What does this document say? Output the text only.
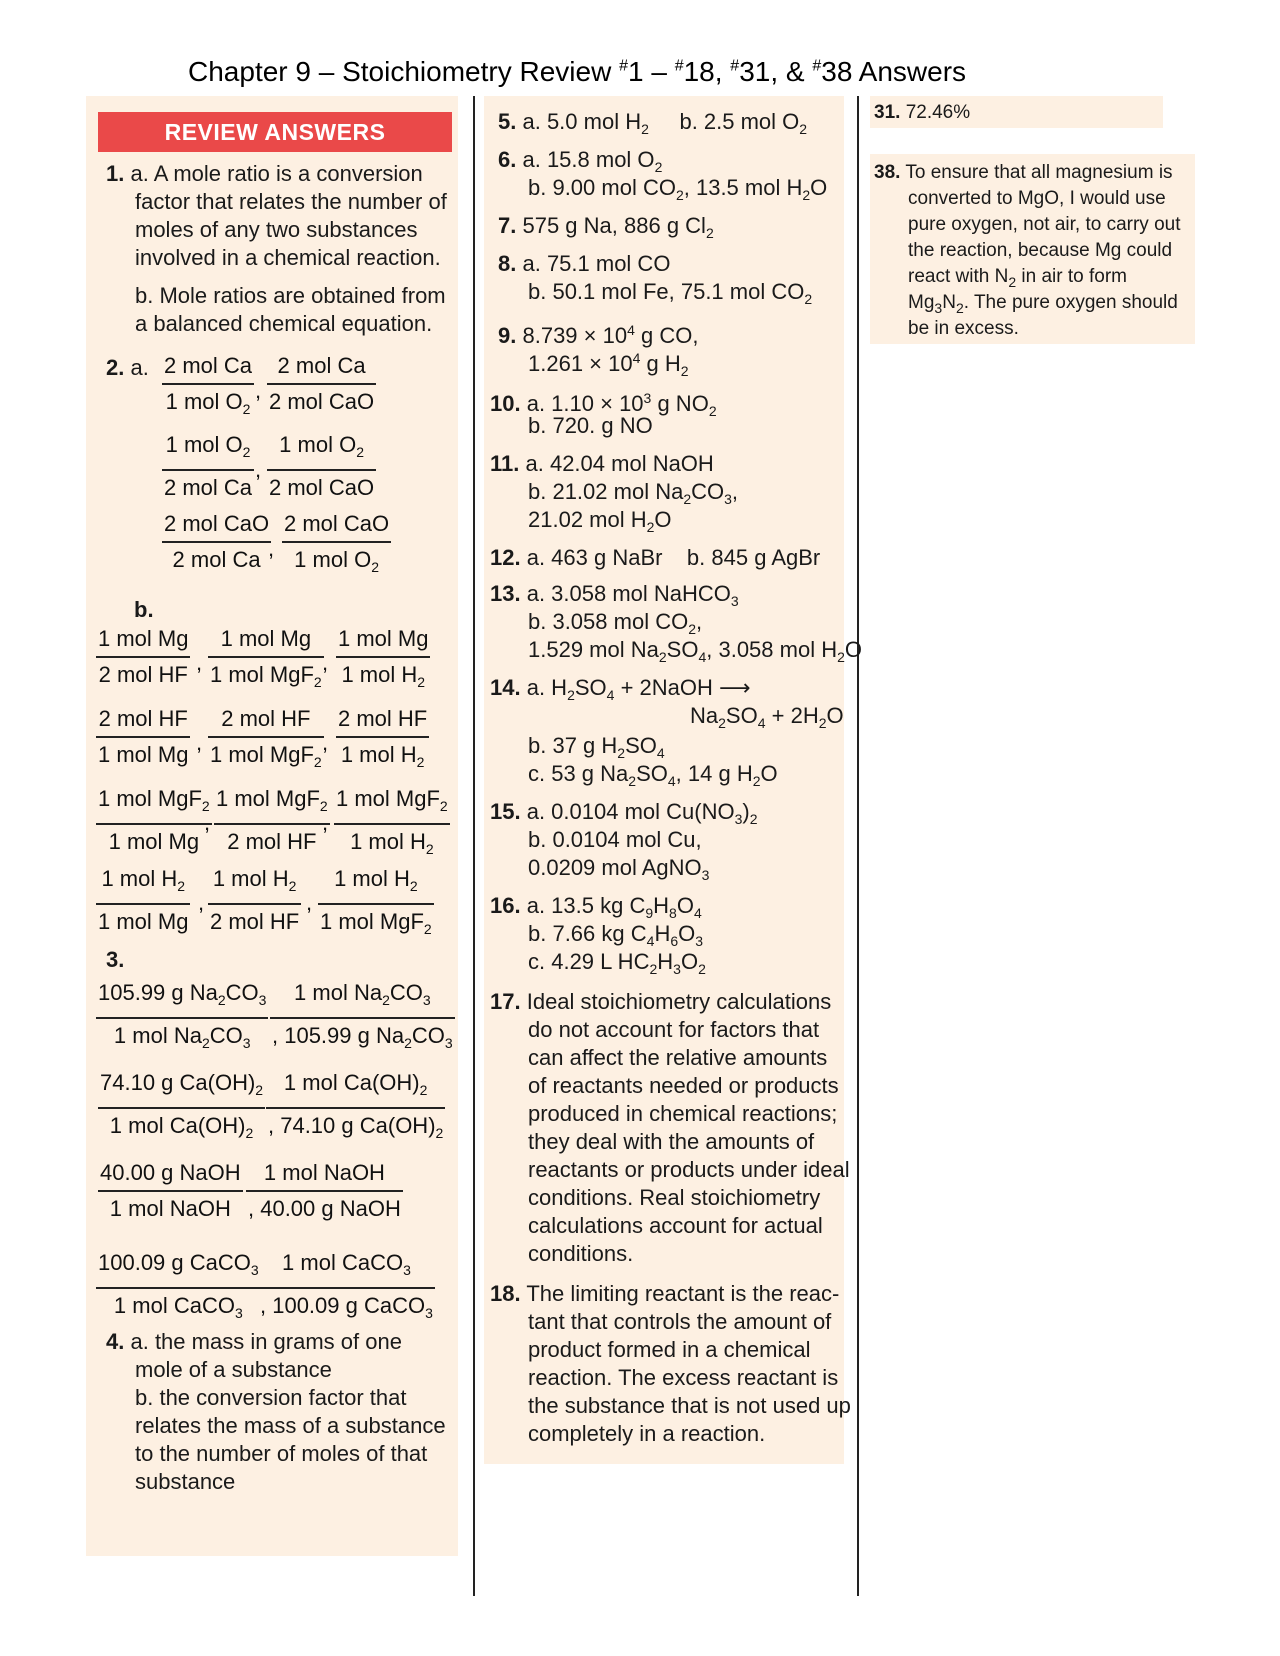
Chapter 9 – Stoichiometry Review #1 – #18, #31, & #38 Answers
REVIEW ANSWERS
1. a. A mole ratio is a conversion
factor that relates the number of
moles of any two substances
involved in a chemical reaction.
b. Mole ratios are obtained from
a balanced chemical equation.
2. a. 2 mol Ca
1 mol $O_2$
,
2 mol Ca
2 mol CaO
1 mol $O_2$
2 mol Ca
,
1 mol $O_2$
2 mol CaO
2 mol CaO
2 mol Ca ,
2 mol CaO
1 mol $O_2$
b.
1 mol Mg
2 mol HF ,
1 mol Mg
1 mol MgF$_2$
,
1 mol Mg
1 mol $H_2$
2 mol HF
1 mol Mg ,
2 mol HF
1 mol MgF$_2$
,
2 mol HF
1 mol $H_2$
1 mol MgF$_2$
1 mol Mg
,
1 mol MgF$_2$
2 mol HF
,
1 mol MgF$_2$
1 mol $H_2$
1 mol $H_2$
1 mol Mg
,
1 mol $H_2$
2 mol HF
,
1 mol $H_2$
1 mol MgF$_2$
3.
105.99 g $Na_2CO_3$
1 mol $Na_2CO_3$
1 mol $Na_2CO_3$
, 105.99 g $Na_2CO_3$
74.10 g $Ca(OH)_2$
1 mol $Ca(OH)_2$
1 mol $Ca(OH)_2$
, 74.10 g $Ca(OH)_2$
40.00 g NaOH
1 mol NaOH
1 mol NaOH
, 40.00 g NaOH
100.09 g CaCO$_3$
1 mol CaCO$_3$
1 mol CaCO$_3$
, 100.09 g CaCO$_3$
4. a. the mass in grams of one
mole of a substance
b. the conversion factor that
relates the mass of a substance
to the number of moles of that
substance
5. a. 5.0 mol $H_2$ b. 2.5 mol $O_2$
6. a. 15.8 mol $O_2$
b. 9.00 mol $CO_2$, 13.5 mol $H_2O$
7. 575 g Na, 886 g $Cl_2$
8. a. 75.1 mol CO
b. 50.1 mol Fe, 75.1 mol $CO_2$
9. $8.739 \times 10^4$ g CO,
$1.261 \times 10^4$ g $H_2$
10. a. $1.10 \times 10^3$ g $NO_2$
b. 720. g NO
11. a. 42.04 mol NaOH
b. 21.02 mol $Na_2CO_3$,
21.02 mol $H_2O$
12. a. 463 g NaBr b. 845 g AgBr
13. a. 3.058 mol NaHCO$_3$
b. 3.058 mol $CO_2$,
1.529 mol $Na_2SO_4$, 3.058 mol $H_2O$
14. a. $H_2SO_4$ + 2NaOH ⟶
$Na_2SO_4 + 2H_2O$
b. 37 g $H_2SO_4$
c. 53 g $Na_2SO_4$, 14 g $H_2O$
15. a. 0.0104 mol $Cu(NO_3)_2$
b. 0.0104 mol Cu,
0.0209 mol AgNO$_3$
16. a. 13.5 kg $C_9H_8O_4$
b. 7.66 kg $C_4H_6O_3$
c. 4.29 L $HC_2H_3O_2$
17. Ideal stoichiometry calculations
do not account for factors that
can affect the relative amounts
of reactants needed or products
produced in chemical reactions;
they deal with the amounts of
reactants or products under ideal
conditions. Real stoichiometry
calculations account for actual
conditions.
18. The limiting reactant is the reac-
tant that controls the amount of
product formed in a chemical
reaction. The excess reactant is
the substance that is not used up
completely in a reaction.
31. 72.46%
38. To ensure that all magnesium is
converted to MgO, I would use
pure oxygen, not air, to carry out
the reaction, because Mg could
react with $N_2$ in air to form
$Mg_3N_2$. The pure oxygen should
be in excess.
